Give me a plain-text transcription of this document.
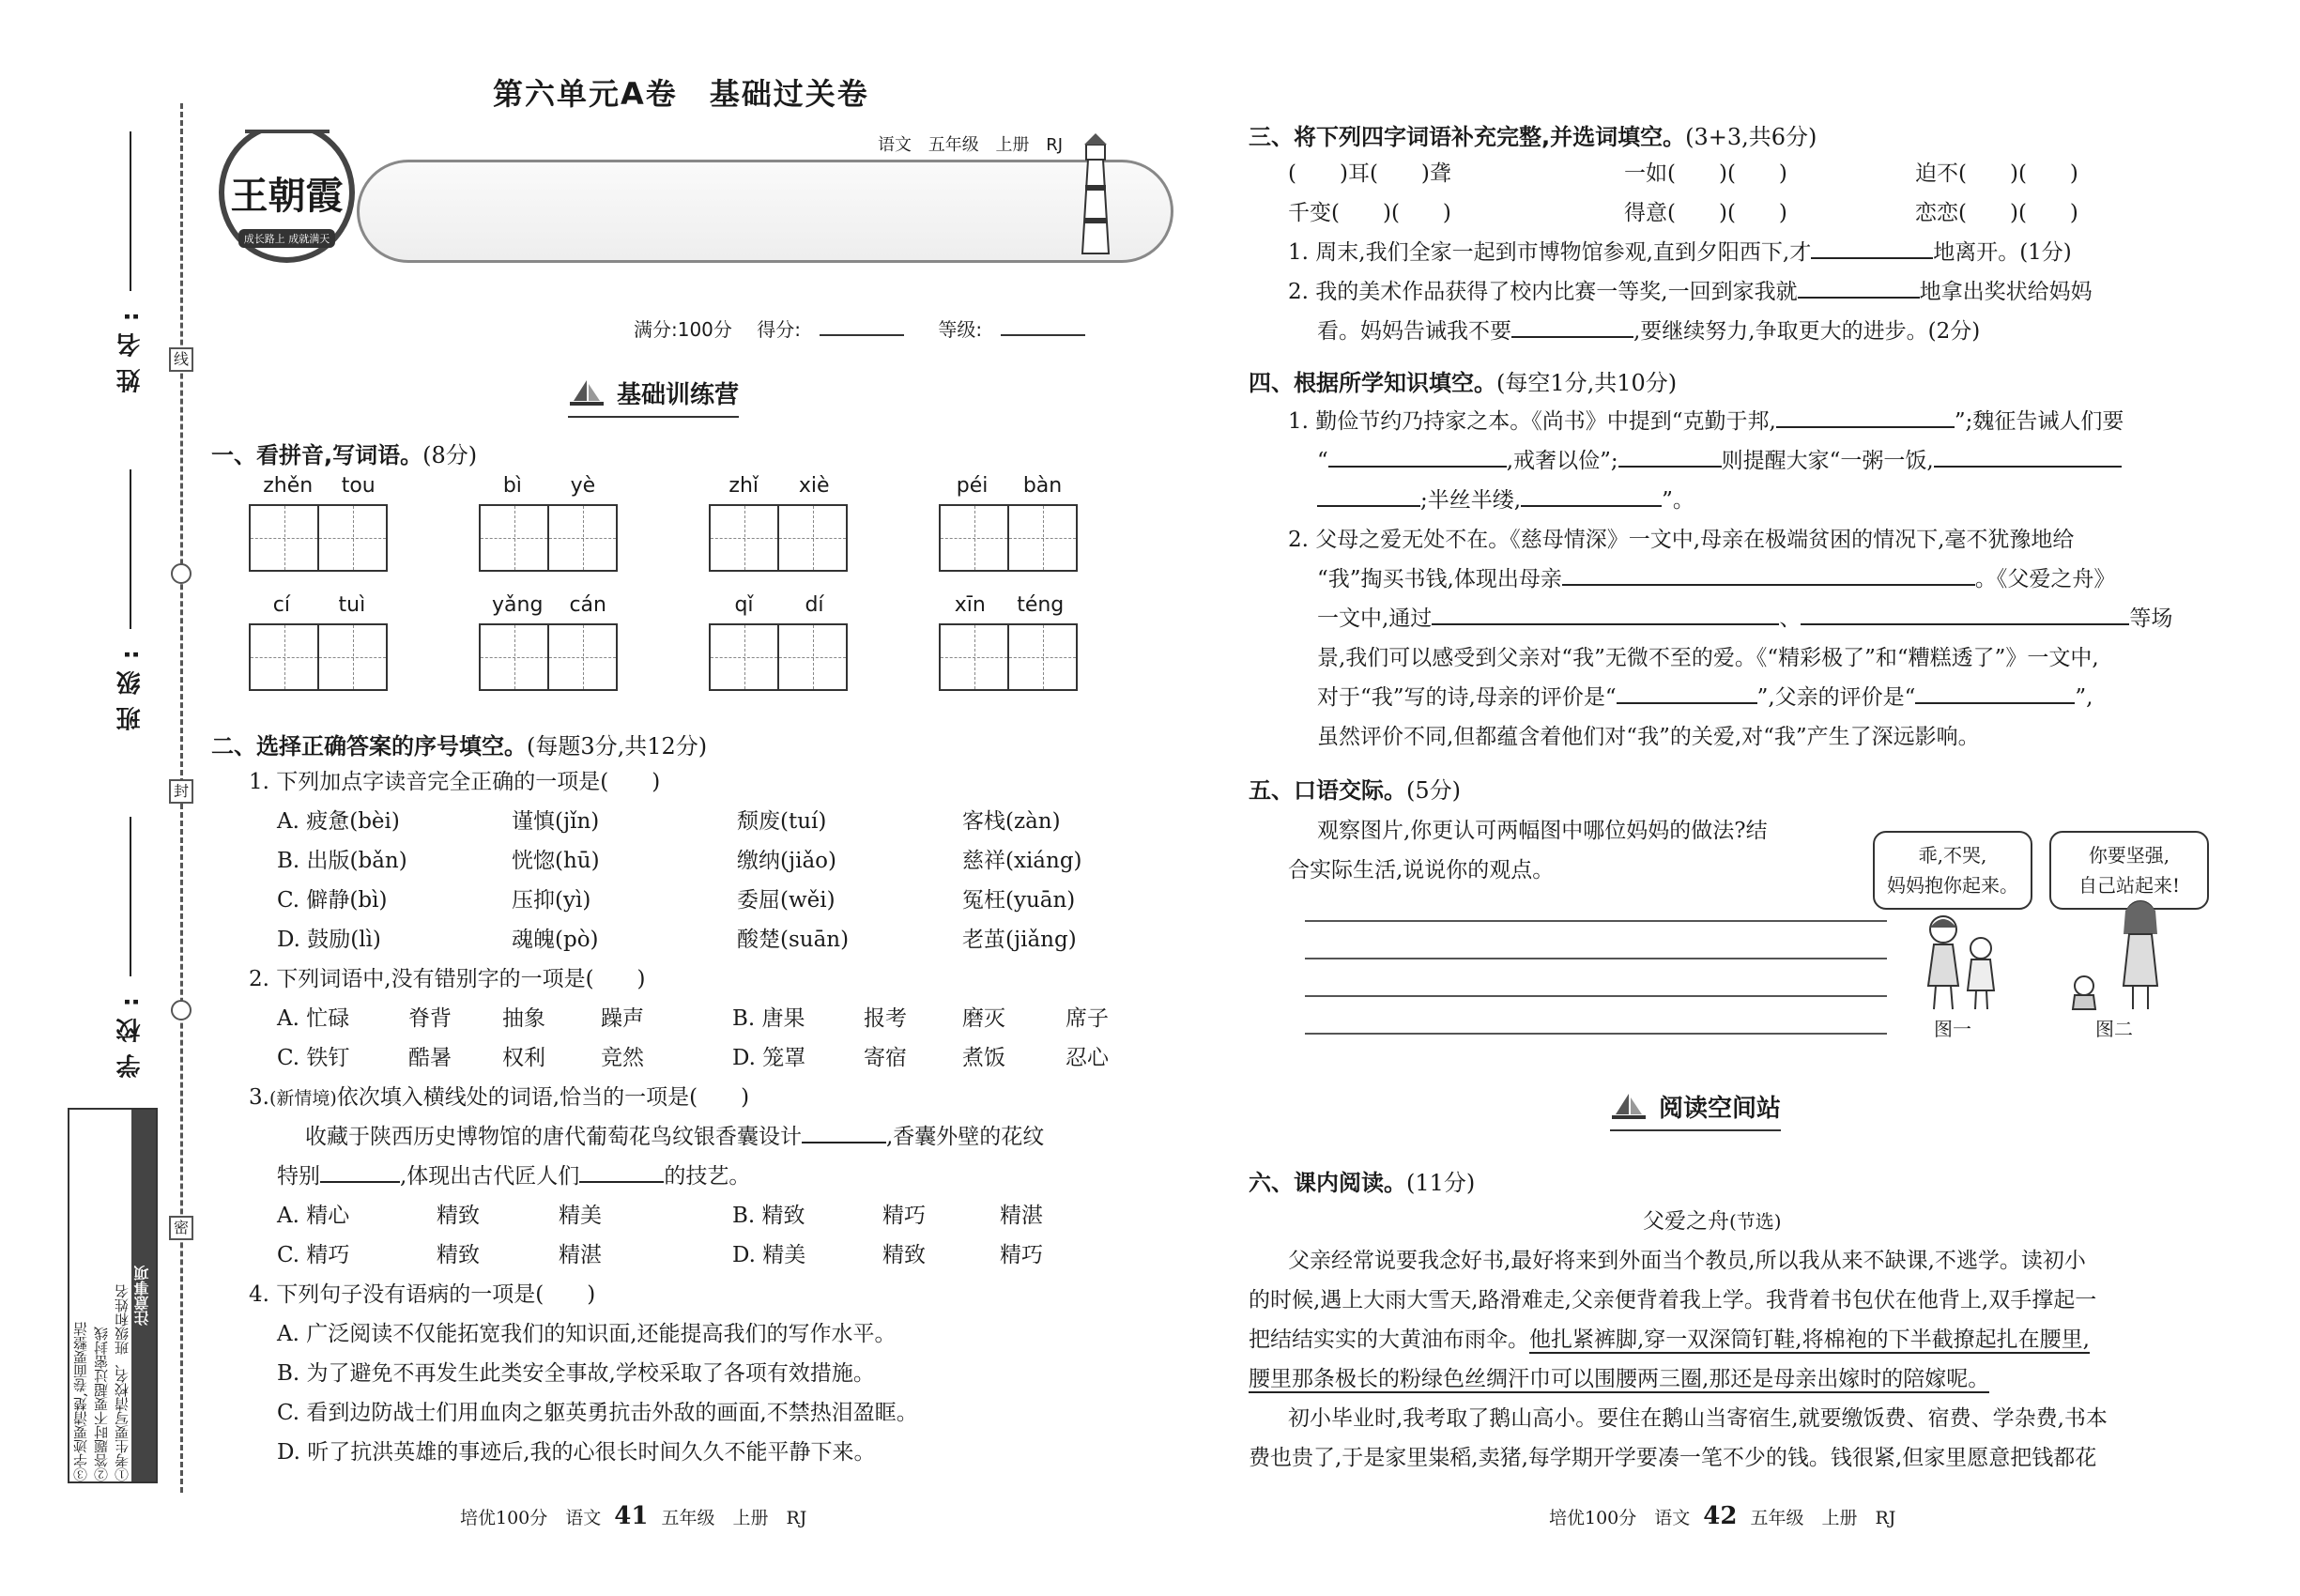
姓名:
班级:
学校:
线
封
密
注意事项
①考生要写清校名、班级和姓名
②答题时不要超过密封线
③字迹要清楚,卷面要整洁
王朝霞
成长路上 成就满天
语文 五年级 上册 RJ
第六单元A卷　基础过关卷
满分:100分 得分:	等级:
基础训练营
一、看拼音,写词语。(8分)
zhěn tou	bì yè	zhǐ xiè	péi bàn
cí tuì	yǎng cán	qǐ dí	xīn téng
二、选择正确答案的序号填空。(每题3分,共12分)
1. 下列加点字读音完全正确的一项是(　　)
A. 疲惫(bèi)	谨慎(jǐn)	颓废(tuí)	客栈(zàn)
B. 出版(bǎn)	恍惚(hū)	缴纳(jiǎo)	慈祥(xiáng)
C. 僻静(bì)	压抑(yì)	委屈(wěi)	冤枉(yuān)
D. 鼓励(lì)	魂魄(pò)	酸楚(suān)	老茧(jiǎng)
2. 下列词语中,没有错别字的一项是(　　)
A. 忙碌	脊背 抽象	躁声	B. 唐果	报考	磨灭	席子
C. 铁钉	酷暑 权利	竞然	D. 笼罩	寄宿	煮饭	忍心
3.(新情境)依次填入横线处的词语,恰当的一项是(　　)
收藏于陕西历史博物馆的唐代葡萄花鸟纹银香囊设计	,香囊外壁的花纹
特别	,体现出古代匠人们	的技艺。
A. 精心	精致	精美	B. 精致	精巧	精湛
C. 精巧	精致	精湛	D. 精美	精致	精巧
4. 下列句子没有语病的一项是(　　)
A. 广泛阅读不仅能拓宽我们的知识面,还能提高我们的写作水平。
B. 为了避免不再发生此类安全事故,学校采取了各项有效措施。
C. 看到边防战士们用血肉之躯英勇抗击外敌的画面,不禁热泪盈眶。
D. 听了抗洪英雄的事迹后,我的心很长时间久久不能平静下来。
培优100分　语文 41 五年级　上册　RJ
三、将下列四字词语补充完整,并选词填空。(3+3,共6分)
(　　)耳(　　)聋	一如(　　)(　　)	迫不(　　)(　　)
千变(　　)(　　)	得意(　　)(　　)	恋恋(　　)(　　)
1. 周末,我们全家一起到市博物馆参观,直到夕阳西下,才	地离开。(1分)
2. 我的美术作品获得了校内比赛一等奖,一回到家我就	地拿出奖状给妈妈
看。妈妈告诫我不要	,要继续努力,争取更大的进步。(2分)
四、根据所学知识填空。(每空1分,共10分)
1. 勤俭节约乃持家之本。《尚书》中提到“克勤于邦,	”;魏征告诫人们要
“	,戒奢以俭”;	则提醒大家“一粥一饭,
;半丝半缕,	”。
2. 父母之爱无处不在。《慈母情深》一文中,母亲在极端贫困的情况下,毫不犹豫地给
“我”掏买书钱,体现出母亲	。《父爱之舟》
一文中,通过	、	等场
景,我们可以感受到父亲对“我”无微不至的爱。《“精彩极了”和“糟糕透了”》一文中,
对于“我”写的诗,母亲的评价是“	”,父亲的评价是“	”,
虽然评价不同,但都蕴含着他们对“我”的关爱,对“我”产生了深远影响。
五、口语交际。(5分)
观察图片,你更认可两幅图中哪位妈妈的做法?结
合实际生活,说说你的观点。
乖,不哭,
妈妈抱你起来。
你要坚强,
自己站起来!
图一	图二
阅读空间站
六、课内阅读。(11分)
父爱之舟(节选)
父亲经常说要我念好书,最好将来到外面当个教员,所以我从来不缺课,不逃学。读初小
的时候,遇上大雨大雪天,路滑难走,父亲便背着我上学。我背着书包伏在他背上,双手撑起一
把结结实实的大黄油布雨伞。他扎紧裤脚,穿一双深筒钉鞋,将棉袍的下半截撩起扎在腰里,
腰里那条极长的粉绿色丝绸汗巾可以围腰两三圈,那还是母亲出嫁时的陪嫁呢。
初小毕业时,我考取了鹅山高小。要住在鹅山当寄宿生,就要缴饭费、宿费、学杂费,书本
费也贵了,于是家里粜稻,卖猪,每学期开学要凑一笔不少的钱。钱很紧,但家里愿意把钱都花
培优100分　语文 42 五年级　上册　RJ
